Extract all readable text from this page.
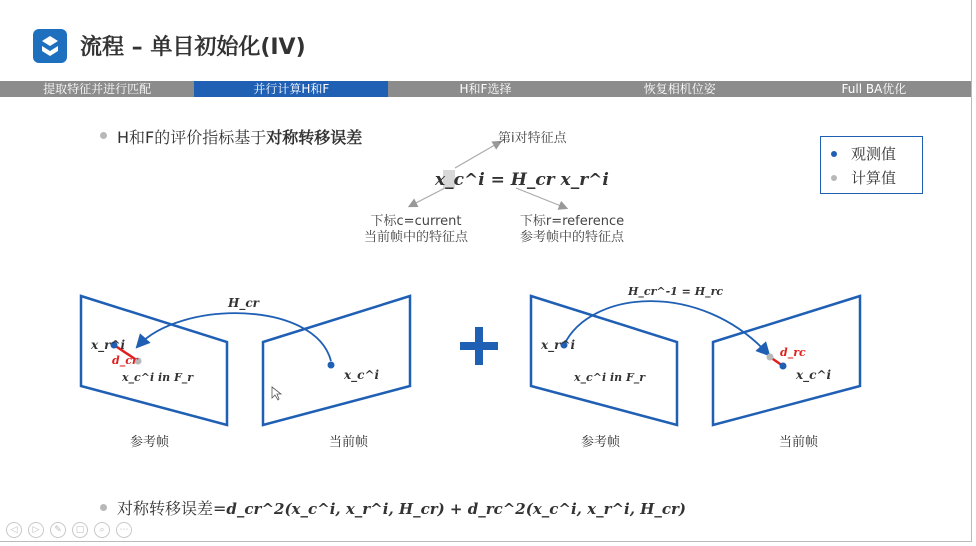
流程 – 单目初始化(IV)
提取特征并进行匹配	并行计算H和F	H和F选择	恢复相机位姿	Full BA优化
H和F的评价指标基于对称转移误差	第i对特征点
x_c^i = H_cr x_r^i
下标c=current
当前帧中的特征点
下标r=reference
参考帧中的特征点
观测值
计算值
H_cr
x_r^i
d_cr
x_c^i in F_r	x_c^i
参考帧	当前帧
H_cr^-1 = H_rc
x_r^i
x_c^i in F_r
d_rc
x_c^i
参考帧	当前帧
对称转移误差=d_cr^2(x_c^i, x_r^i, H_cr) + d_rc^2(x_c^i, x_r^i, H_cr)
◁	▷	✎	▢	⌕	⋯
